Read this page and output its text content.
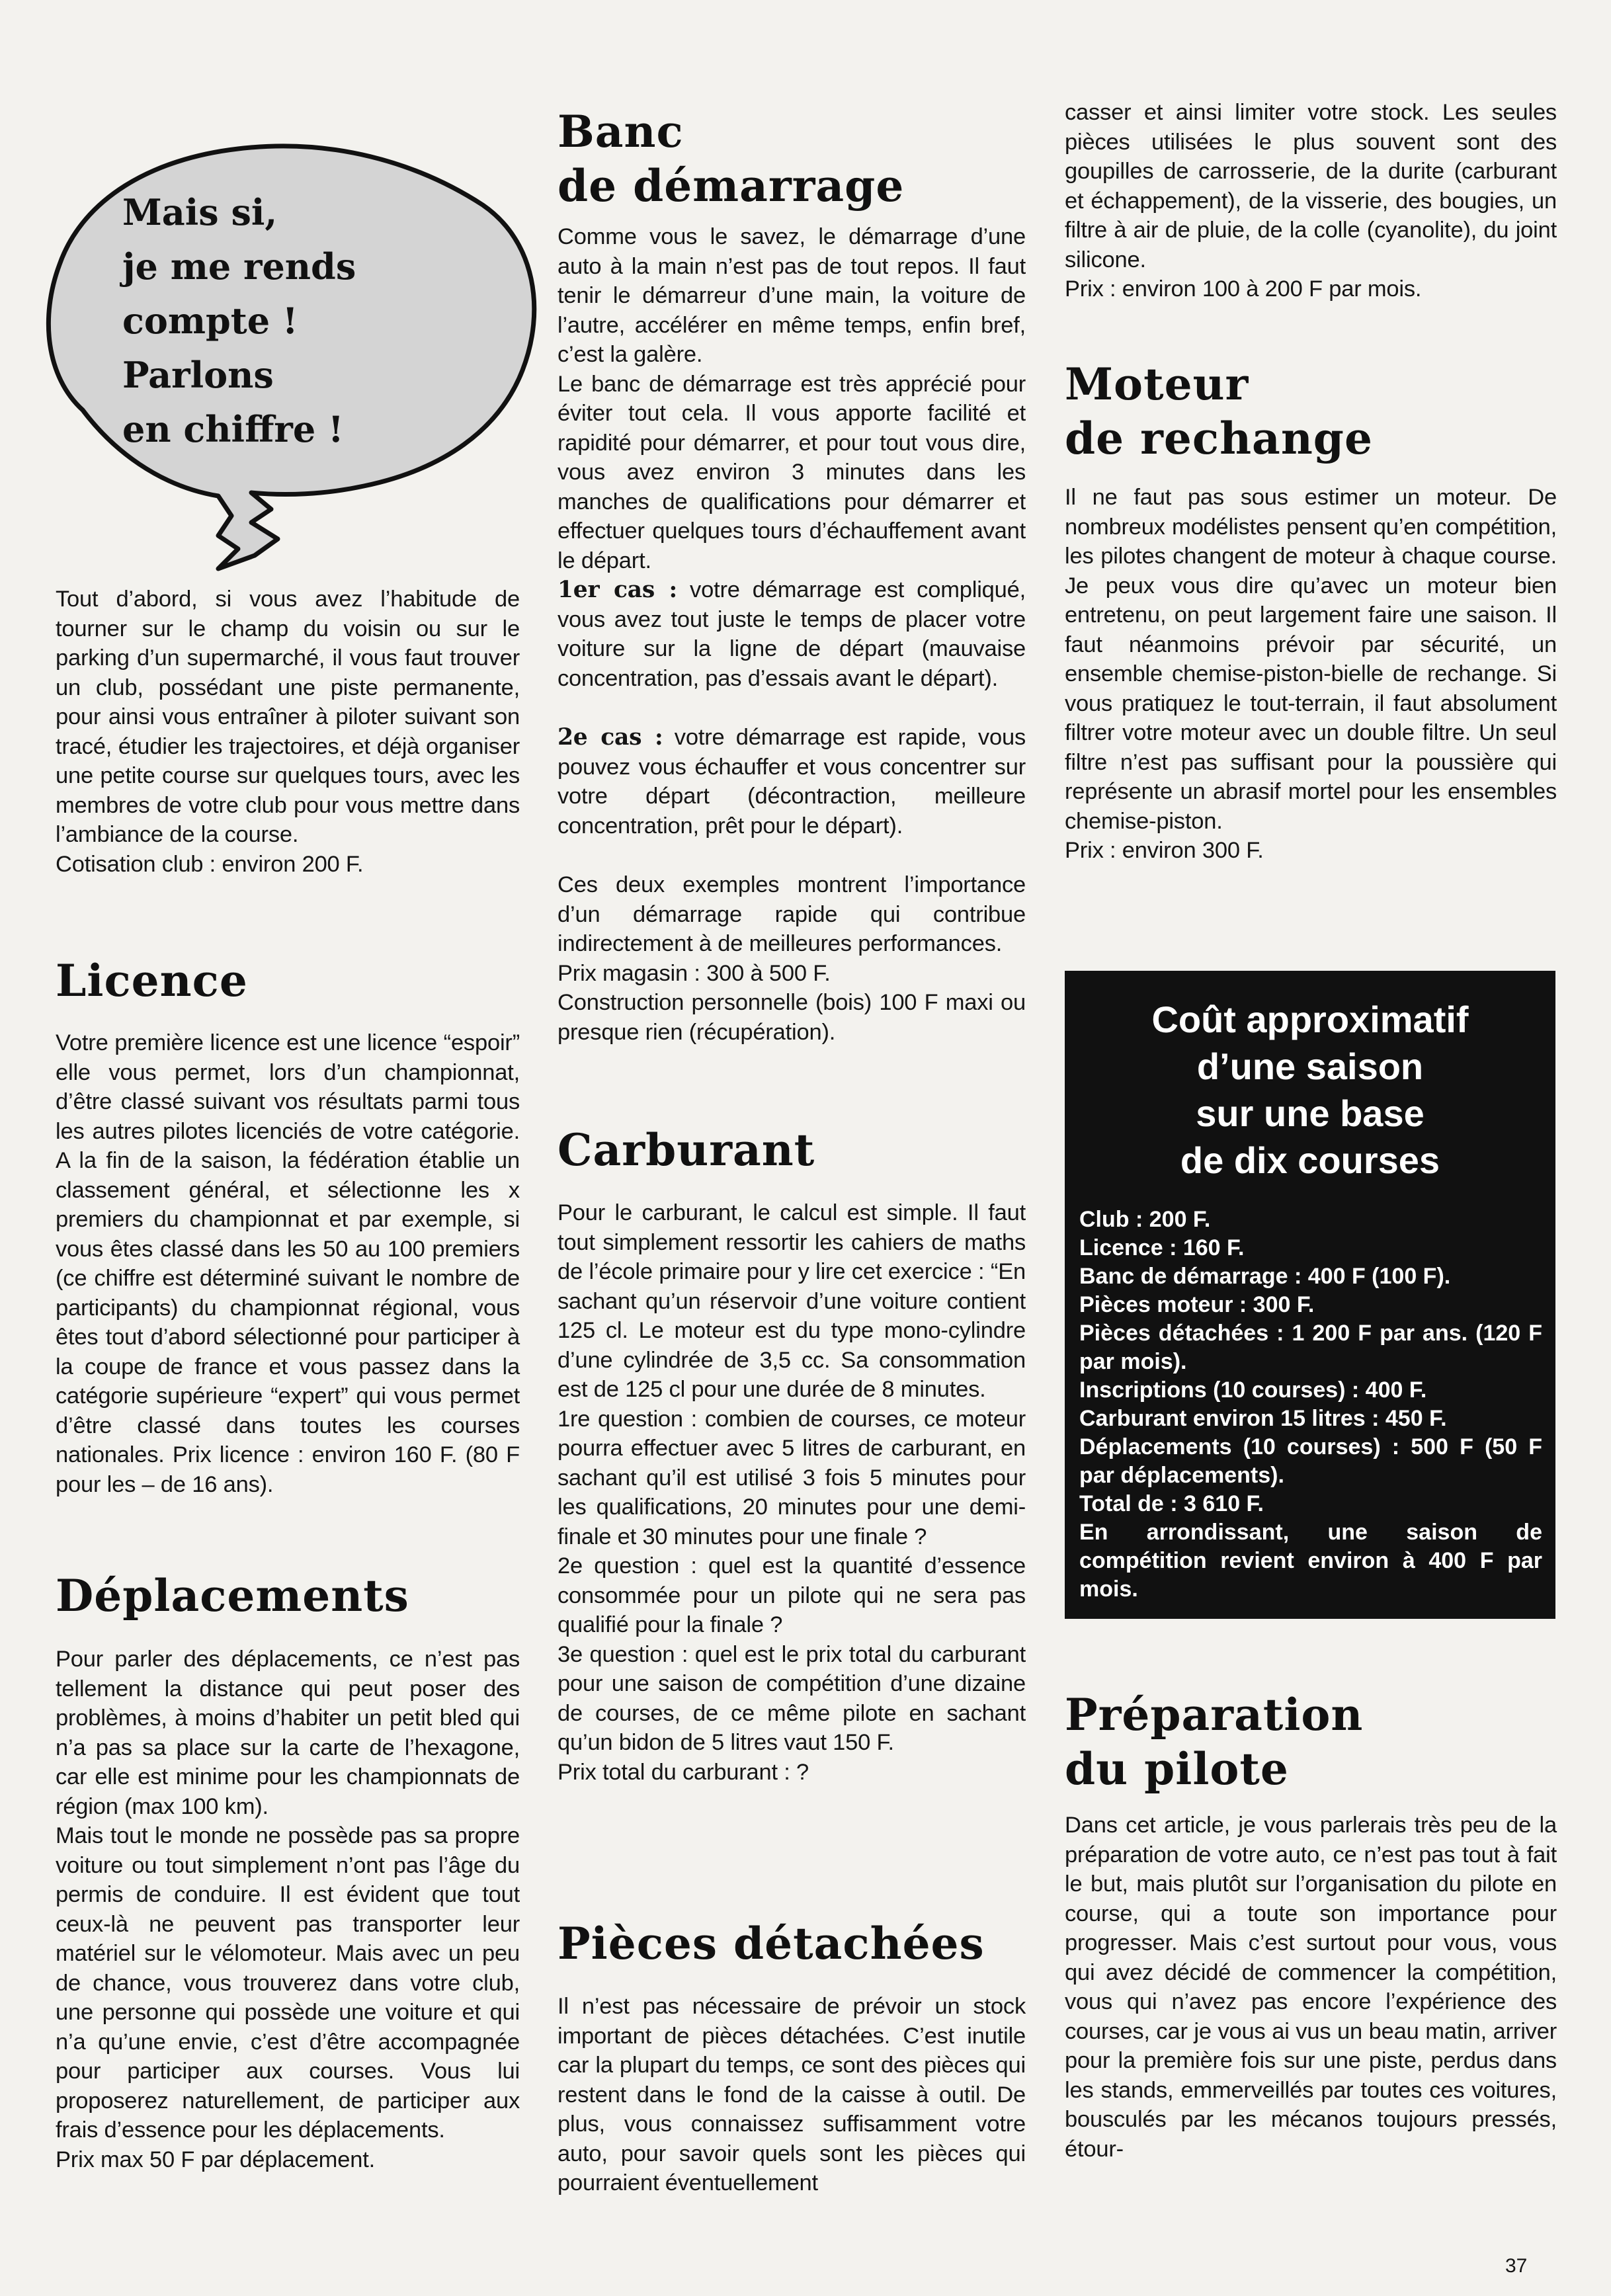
Mais si,
je me rends
compte !
Parlons
en chiffre !

Tout d’abord, si vous avez l’habitude de tourner sur le champ du voisin ou sur le parking d’un supermarché, il vous faut trouver un club, possédant une piste permanente, pour ainsi vous entraîner à piloter suivant son tracé, étudier les trajectoires, et déjà organiser une petite course sur quelques tours, avec les membres de votre club pour vous mettre dans l’ambiance de la course.
Cotisation club : environ 200 F.

Licence

Votre première licence est une licence “espoir” elle vous permet, lors d’un championnat, d’être classé suivant vos résultats parmi tous les autres pilotes licenciés de votre catégorie. A la fin de la saison, la fédération établie un classement général, et sélectionne les x premiers du championnat et par exemple, si vous êtes classé dans les 50 au 100 premiers (ce chiffre est déterminé suivant le nombre de participants) du championnat régional, vous êtes tout d’abord sélectionné pour participer à la coupe de france et vous passez dans la catégorie supérieure “expert” qui vous permet d’être classé dans toutes les courses nationales. Prix licence : environ 160 F. (80 F pour les – de 16 ans).

Déplacements

Pour parler des déplacements, ce n’est pas tellement la distance qui peut poser des problèmes, à moins d’habiter un petit bled qui n’a pas sa place sur la carte de l’hexagone, car elle est minime pour les championnats de région (max 100 km).
Mais tout le monde ne possède pas sa propre voiture ou tout simplement n’ont pas l’âge du permis de conduire. Il est évident que tout ceux-là ne peuvent pas transporter leur matériel sur le vélomoteur. Mais avec un peu de chance, vous trouverez dans votre club, une personne qui possède une voiture et qui n’a qu’une envie, c’est d’être accompagnée pour participer aux courses. Vous lui proposerez naturellement, de participer aux frais d’essence pour les déplacements.
Prix max 50 F par déplacement.

Banc
de démarrage

Comme vous le savez, le démarrage d’une auto à la main n’est pas de tout repos. Il faut tenir le démarreur d’une main, la voiture de l’autre, accélérer en même temps, enfin bref, c’est la galère.
Le banc de démarrage est très apprécié pour éviter tout cela. Il vous apporte facilité et rapidité pour démarrer, et pour tout vous dire, vous avez environ 3 minutes dans les manches de qualifications pour démarrer et effectuer quelques tours d’échauffement avant le départ.

1er cas : votre démarrage est compliqué, vous avez tout juste le temps de placer votre voiture sur la ligne de départ (mauvaise concentration, pas d’essais avant le départ).

2e cas : votre démarrage est rapide, vous pouvez vous échauffer et vous concentrer sur votre départ (décontraction, meilleure concentration, prêt pour le départ).

Ces deux exemples montrent l’importance d’un démarrage rapide qui contribue indirectement à de meilleures performances.
Prix magasin : 300 à 500 F.
Construction personnelle (bois) 100 F maxi ou presque rien (récupération).

Carburant

Pour le carburant, le calcul est simple. Il faut tout simplement ressortir les cahiers de maths de l’école primaire pour y lire cet exercice : “En sachant qu’un réservoir d’une voiture contient 125 cl. Le moteur est du type mono-cylindre d’une cylindrée de 3,5 cc. Sa consommation est de 125 cl pour une durée de 8 minutes.
1re question : combien de courses, ce moteur pourra effectuer avec 5 litres de carburant, en sachant qu’il est utilisé 3 fois 5 minutes pour les qualifications, 20 minutes pour une demi-finale et 30 minutes pour une finale ?
2e question : quel est la quantité d’essence consommée pour un pilote qui ne sera pas qualifié pour la finale ?
3e question : quel est le prix total du carburant pour une saison de compétition d’une dizaine de courses, de ce même pilote en sachant qu’un bidon de 5 litres vaut 150 F.
Prix total du carburant : ?

Pièces détachées

Il n’est pas nécessaire de prévoir un stock important de pièces détachées. C’est inutile car la plupart du temps, ce sont des pièces qui restent dans le fond de la caisse à outil. De plus, vous connaissez suffisamment votre auto, pour savoir quels sont les pièces qui pourraient éventuellement

casser et ainsi limiter votre stock. Les seules pièces utilisées le plus souvent sont des goupilles de carrosserie, de la durite (carburant et échappement), de la visserie, des bougies, un filtre à air de pluie, de la colle (cyanolite), du joint silicone.
Prix : environ 100 à 200 F par mois.

Moteur
de rechange

Il ne faut pas sous estimer un moteur. De nombreux modélistes pensent qu’en compétition, les pilotes changent de moteur à chaque course. Je peux vous dire qu’avec un moteur bien entretenu, on peut largement faire une saison. Il faut néanmoins prévoir par sécurité, un ensemble chemise-piston-bielle de rechange. Si vous pratiquez le tout-terrain, il faut absolument filtrer votre moteur avec un double filtre. Un seul filtre n’est pas suffisant pour la poussière qui représente un abrasif mortel pour les ensembles chemise-piston.
Prix : environ 300 F.

Préparation
du pilote

Dans cet article, je vous parlerais très peu de la préparation de votre auto, ce n’est pas tout à fait le but, mais plutôt sur l’organisation du pilote en course, qui a toute son importance pour progresser. Mais c’est surtout pour vous, vous qui avez décidé de commencer la compétition, vous qui n’avez pas encore l’expérience des courses, car je vous ai vus un beau matin, arriver pour la première fois sur une piste, perdus dans les stands, emmerveillés par toutes ces voitures, bousculés par les mécanos toujours pressés, étour-

Coût approximatif
d’une saison
sur une base
de dix courses
Club : 200 F.
Licence : 160 F.
Banc de démarrage : 400 F (100 F).
Pièces moteur : 300 F.
Pièces détachées : 1 200 F par ans. (120 F par mois).
Inscriptions (10 courses) : 400 F.
Carburant environ 15 litres : 450 F.
Déplacements (10 courses) : 500 F (50 F par déplacements).
Total de : 3 610 F.
En arrondissant, une saison de compétition revient environ à 400 F par mois.
37
